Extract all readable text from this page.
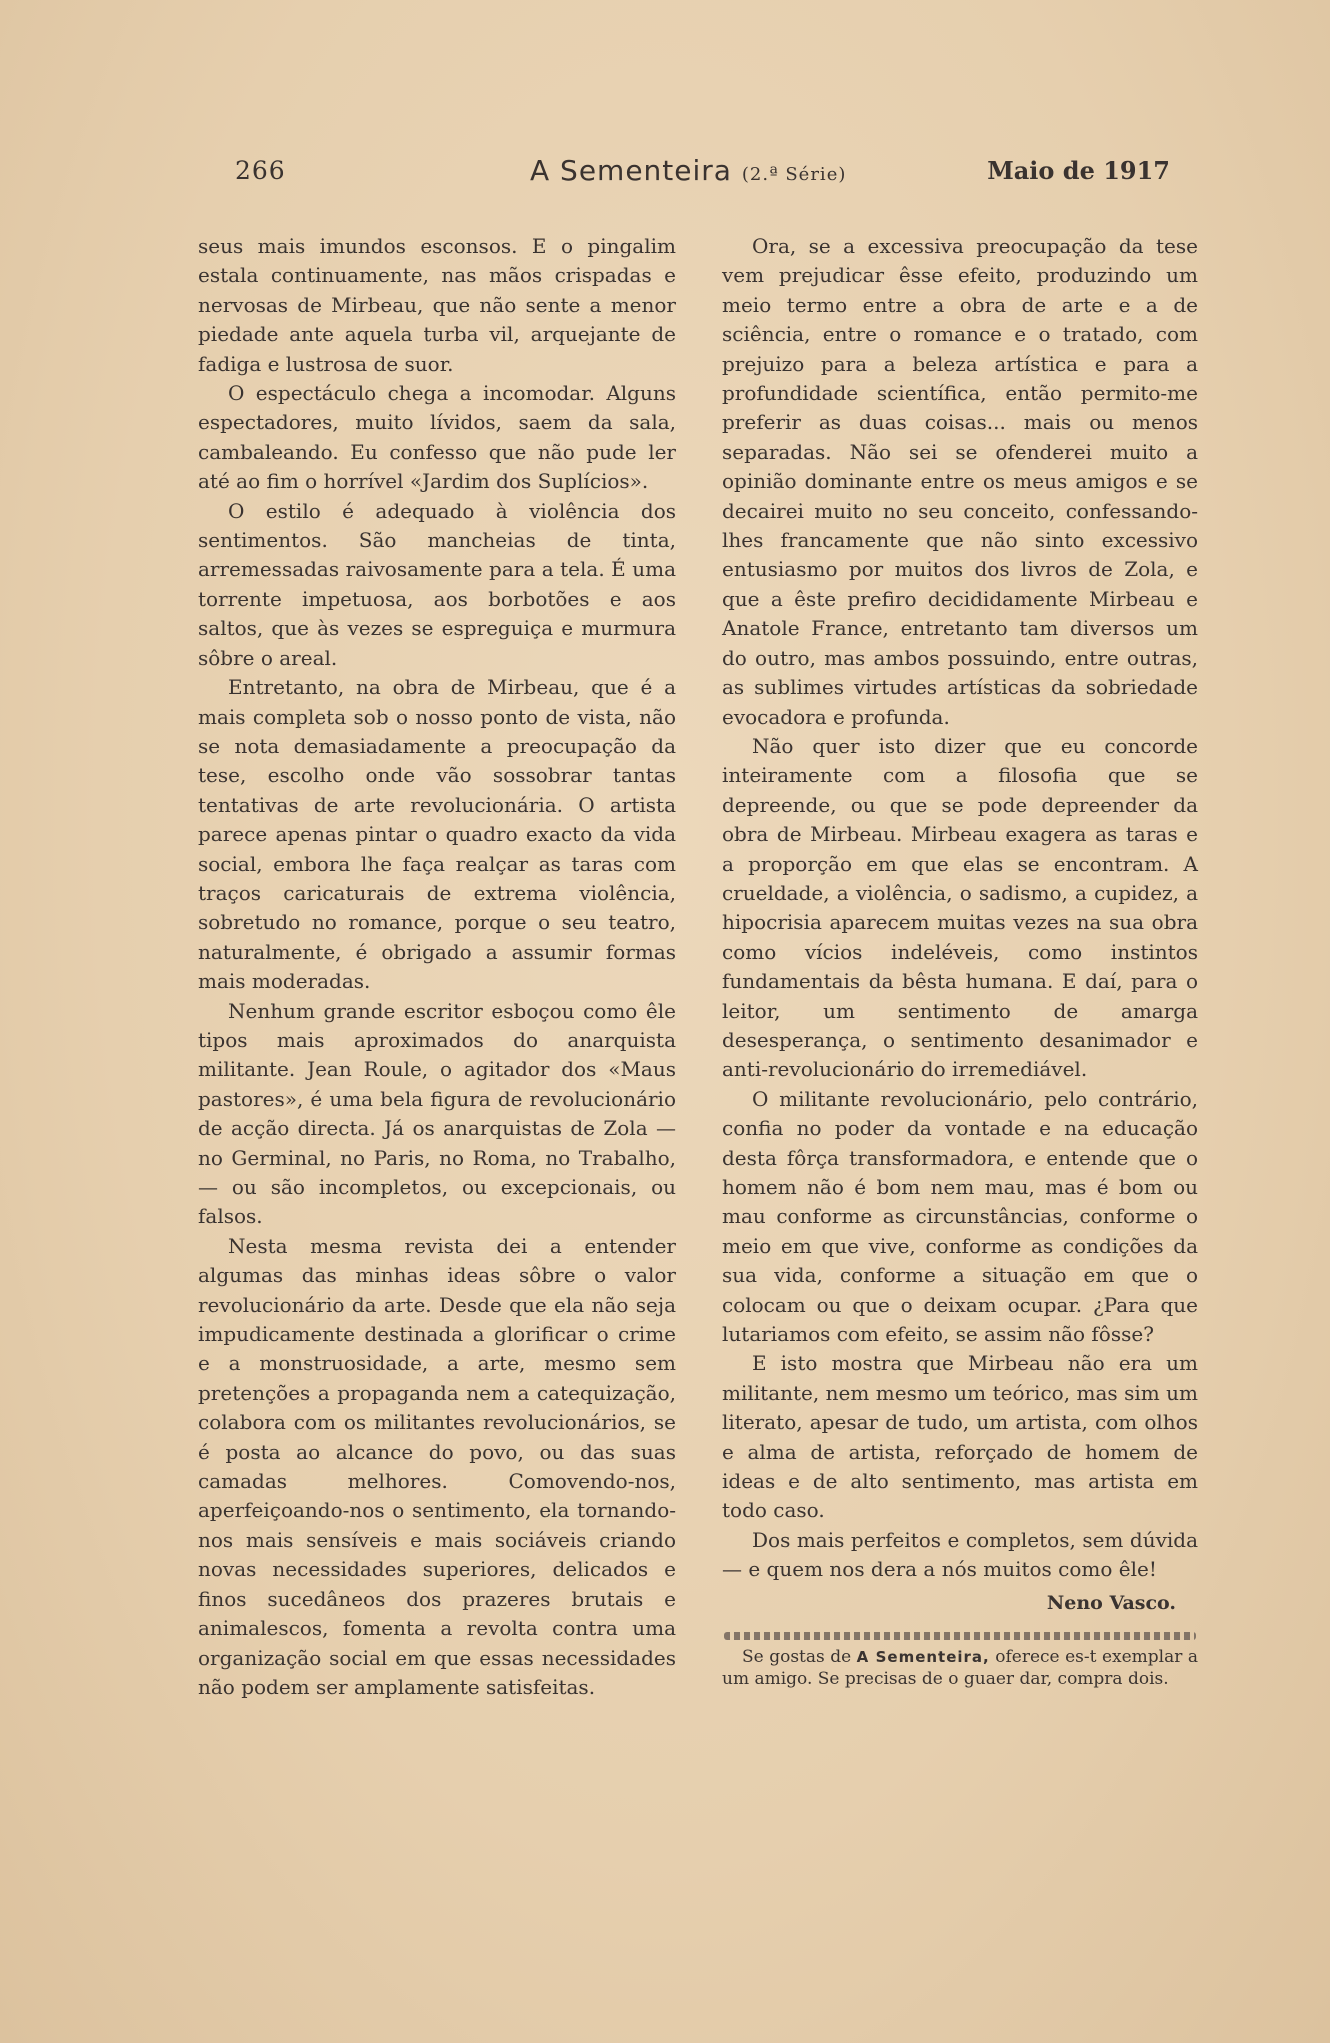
266	A Sementeira (2.ª Série)	Maio de 1917

seus mais imundos esconsos. E o pingalim estala continuamente, nas mãos crispadas e nervosas de Mirbeau, que não sente a menor piedade ante aquela turba vil, arquejante de fadiga e lustrosa de suor.

O espectáculo chega a incomodar. Alguns espectadores, muito lívidos, saem da sala, cambaleando. Eu confesso que não pude ler até ao fim o horrível «Jardim dos Suplícios».

O estilo é adequado à violência dos sentimentos. São mancheias de tinta, arremessadas raivosamente para a tela. É uma torrente impetuosa, aos borbotões e aos saltos, que às vezes se espreguiça e murmura sôbre o areal.

Entretanto, na obra de Mirbeau, que é a mais completa sob o nosso ponto de vista, não se nota demasiadamente a preocupação da tese, escolho onde vão sossobrar tantas tentativas de arte revolucionária. O artista parece apenas pintar o quadro exacto da vida social, embora lhe faça realçar as taras com traços caricaturais de extrema violência, sobretudo no romance, porque o seu teatro, naturalmente, é obrigado a assumir formas mais moderadas.

Nenhum grande escritor esboçou como êle tipos mais aproximados do anarquista militante. Jean Roule, o agitador dos «Maus pastores», é uma bela figura de revolucionário de acção directa. Já os anarquistas de Zola — no Germinal, no Paris, no Roma, no Trabalho, — ou são incompletos, ou excepcionais, ou falsos.

Nesta mesma revista dei a entender algumas das minhas ideas sôbre o valor revolucionário da arte. Desde que ela não seja impudicamente destinada a glorificar o crime e a monstruosidade, a arte, mesmo sem pretenções a propaganda nem a catequização, colabora com os militantes revolucionários, se é posta ao alcance do povo, ou das suas camadas melhores. Comovendo-nos, aperfeiçoando-nos o sentimento, ela tornando-nos mais sensíveis e mais sociáveis criando novas necessidades superiores, delicados e finos sucedâneos dos prazeres brutais e animalescos, fomenta a revolta contra uma organização social em que essas necessidades não podem ser amplamente satisfeitas.

Ora, se a excessiva preocupação da tese vem prejudicar êsse efeito, produzindo um meio termo entre a obra de arte e a de sciência, entre o romance e o tratado, com prejuizo para a beleza artística e para a profundidade scientífica, então permito-me preferir as duas coisas... mais ou menos separadas. Não sei se ofenderei muito a opinião dominante entre os meus amigos e se decairei muito no seu conceito, confessando-lhes francamente que não sinto excessivo entusiasmo por muitos dos livros de Zola, e que a êste prefiro decididamente Mirbeau e Anatole France, entretanto tam diversos um do outro, mas ambos possuindo, entre outras, as sublimes virtudes artísticas da sobriedade evocadora e profunda.

Não quer isto dizer que eu concorde inteiramente com a filosofia que se depreende, ou que se pode depreender da obra de Mirbeau. Mirbeau exagera as taras e a proporção em que elas se encontram. A crueldade, a violência, o sadismo, a cupidez, a hipocrisia aparecem muitas vezes na sua obra como vícios indeléveis, como instintos fundamentais da bêsta humana. E daí, para o leitor, um sentimento de amarga desesperança, o sentimento desanimador e anti-revolucionário do irremediável.

O militante revolucionário, pelo contrário, confia no poder da vontade e na educação desta fôrça transformadora, e entende que o homem não é bom nem mau, mas é bom ou mau conforme as circunstâncias, conforme o meio em que vive, conforme as condições da sua vida, conforme a situação em que o colocam ou que o deixam ocupar. ¿Para que lutariamos com efeito, se assim não fôsse?

E isto mostra que Mirbeau não era um militante, nem mesmo um teórico, mas sim um literato, apesar de tudo, um artista, com olhos e alma de artista, reforçado de homem de ideas e de alto sentimento, mas artista em todo caso.

Dos mais perfeitos e completos, sem dúvida — e quem nos dera a nós muitos como êle!

Neno Vasco.
Se gostas de A Sementeira, oferece es-t exemplar a um amigo. Se precisas de o guaer dar, compra dois.
